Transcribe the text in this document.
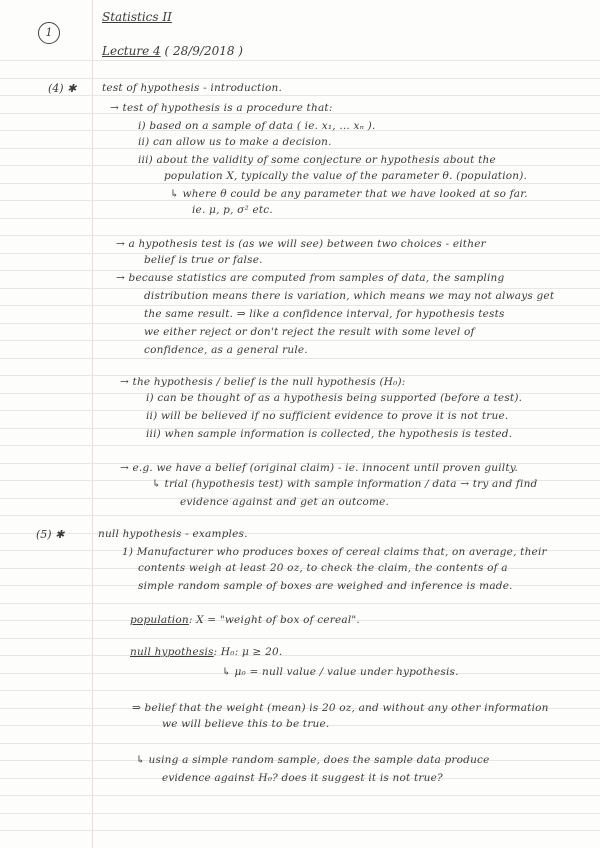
1
Statistics II
Lecture 4 ( 28/9/2018 )
(4) ✱ test of hypothesis - introduction.
→ test of hypothesis is a procedure that:
i) based on a sample of data ( ie. x₁, ... xₙ ).
ii) can allow us to make a decision.
iii) about the validity of some conjecture or hypothesis about the
population X, typically the value of the parameter θ. (population).
↳ where θ could be any parameter that we have looked at so far.
ie. μ, p, σ² etc.
→ a hypothesis test is (as we will see) between two choices - either
belief is true or false.
→ because statistics are computed from samples of data, the sampling
distribution means there is variation, which means we may not always get
the same result. ⇒ like a confidence interval, for hypothesis tests
we either reject or don't reject the result with some level of
confidence, as a general rule.
→ the hypothesis / belief is the null hypothesis (H₀):
i) can be thought of as a hypothesis being supported (before a test).
ii) will be believed if no sufficient evidence to prove it is not true.
iii) when sample information is collected, the hypothesis is tested.
→ e.g. we have a belief (original claim) - ie. innocent until proven guilty.
↳ trial (hypothesis test) with sample information / data → try and find
evidence against and get an outcome.
(5) ✱	null hypothesis - examples.
1) Manufacturer who produces boxes of cereal claims that, on average, their
contents weigh at least 20 oz, to check the claim, the contents of a
simple random sample of boxes are weighed and inference is made.
population: X = "weight of box of cereal".
null hypothesis: H₀: μ ≥ 20.
↳ μ₀ = null value / value under hypothesis.
⇒ belief that the weight (mean) is 20 oz, and without any other information
we will believe this to be true.
↳ using a simple random sample, does the sample data produce
evidence against H₀? does it suggest it is not true?
